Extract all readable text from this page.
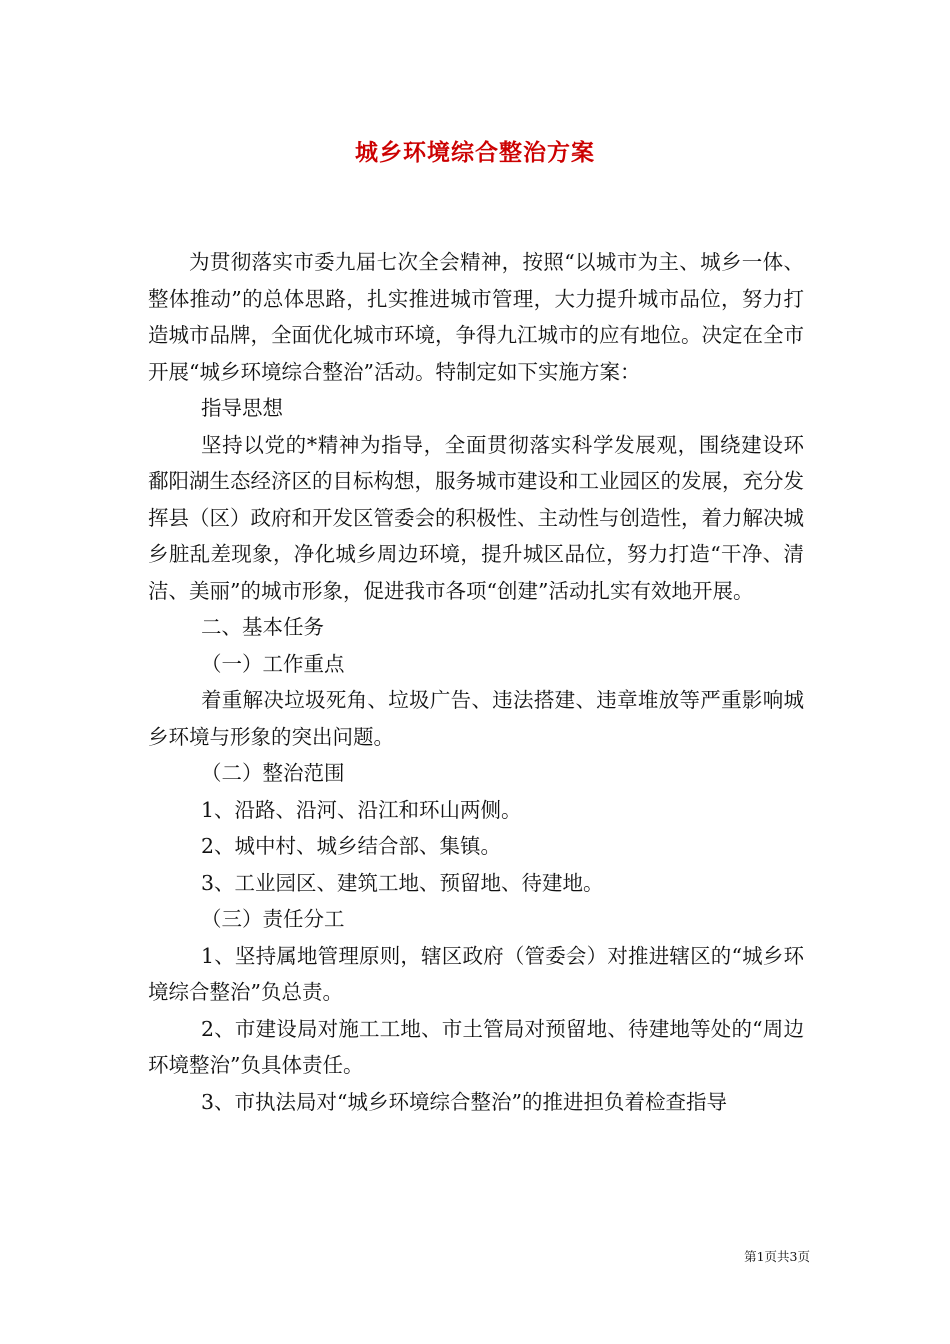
城乡环境综合整治方案

为贯彻落实市委九届七次全会精神，按照“以城市为主、城乡一体、整体推动”的总体思路，扎实推进城市管理，大力提升城市品位，努力打造城市品牌，全面优化城市环境，争得九江城市的应有地位。决定在全市开展“城乡环境综合整治”活动。特制定如下实施方案：

指导思想

坚持以党的*精神为指导，全面贯彻落实科学发展观，围绕建设环鄱阳湖生态经济区的目标构想，服务城市建设和工业园区的发展，充分发挥县（区）政府和开发区管委会的积极性、主动性与创造性，着力解决城乡脏乱差现象，净化城乡周边环境，提升城区品位，努力打造“干净、清洁、美丽”的城市形象，促进我市各项“创建”活动扎实有效地开展。

二、基本任务

（一）工作重点

着重解决垃圾死角、垃圾广告、违法搭建、违章堆放等严重影响城乡环境与形象的突出问题。

（二）整治范围

1、沿路、沿河、沿江和环山两侧。

2、城中村、城乡结合部、集镇。

3、工业园区、建筑工地、预留地、待建地。

（三）责任分工

1、坚持属地管理原则，辖区政府（管委会）对推进辖区的“城乡环境综合整治”负总责。

2、市建设局对施工工地、市土管局对预留地、待建地等处的“周边环境整治”负具体责任。

3、市执法局对“城乡环境综合整治”的推进担负着检查指导

第1页共3页
